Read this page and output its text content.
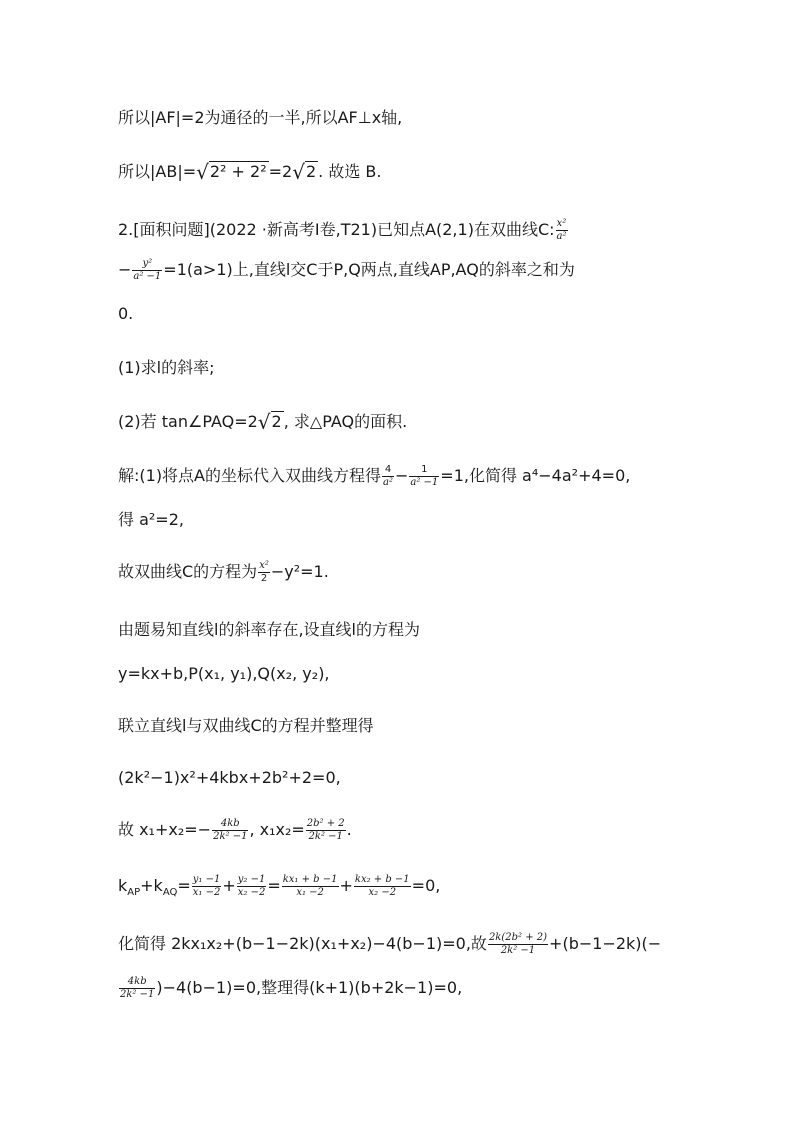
所以|AF|=2为通径的一半,所以AF⊥x轴,
所以|AB|=√2² + 2² =2√2 . 故选 B.
2.[面积问题](2022 ·新高考Ⅰ卷,T21)已知点A(2,1)在双曲线C: $\frac{\text{x²}}{\text{a²}}$
− $\frac{\text{y²}}{\text{a² −1}} =1(a>1)$上,直线l交C于P,Q两点,直线AP,AQ的斜率之和为
0.
(1)求l的斜率;
(2)若 tan∠PAQ=2√2 , 求△PAQ的面积.
解:(1)将点A的坐标代入双曲线方程得 $\frac{4}{\text{a²}} - \frac{1}{\text{a² −1}} =1$,化简得 a⁴−4a²+4=0,
得 a²=2,
故双曲线C的方程为 $\frac{\text{x²}}{2} -y^2=1$.
由题易知直线l的斜率存在,设直线l的方程为
y=kx+b,P(x₁, y₁),Q(x₂, y₂),
联立直线l与双曲线C的方程并整理得
(2k²−1)x²+4kbx+2b²+2=0,
故 $x_1+x_2=- \frac{4kb}{\text{2k² −1}}$ , $x_1x_2= \frac{\text{2b² + 2}}{\text{2k² −1}}$ .
$k_{AP}+k_{AQ}= \frac{\text{y₁ −1}}{\text{x₁ −2}} + \frac{\text{y₂ −1}}{\text{x₂ −2}} = \frac{\text{kx₁ + b −1}}{\text{x₁ −2}} + \frac{\text{kx₂ + b −1}}{\text{x₂ −2}} =0$,
化简得 2kx₁x₂+(b−1−2k)(x₁+x₂)−4(b−1)=0,故 $\frac{\text{2k(2b² + 2)}}{\text{2k² −1}} +(b-1-2k)(-$
$\frac{4kb}{\text{2k² −1}} )-4(b-1)=0$,整理得(k+1)(b+2k−1)=0,
